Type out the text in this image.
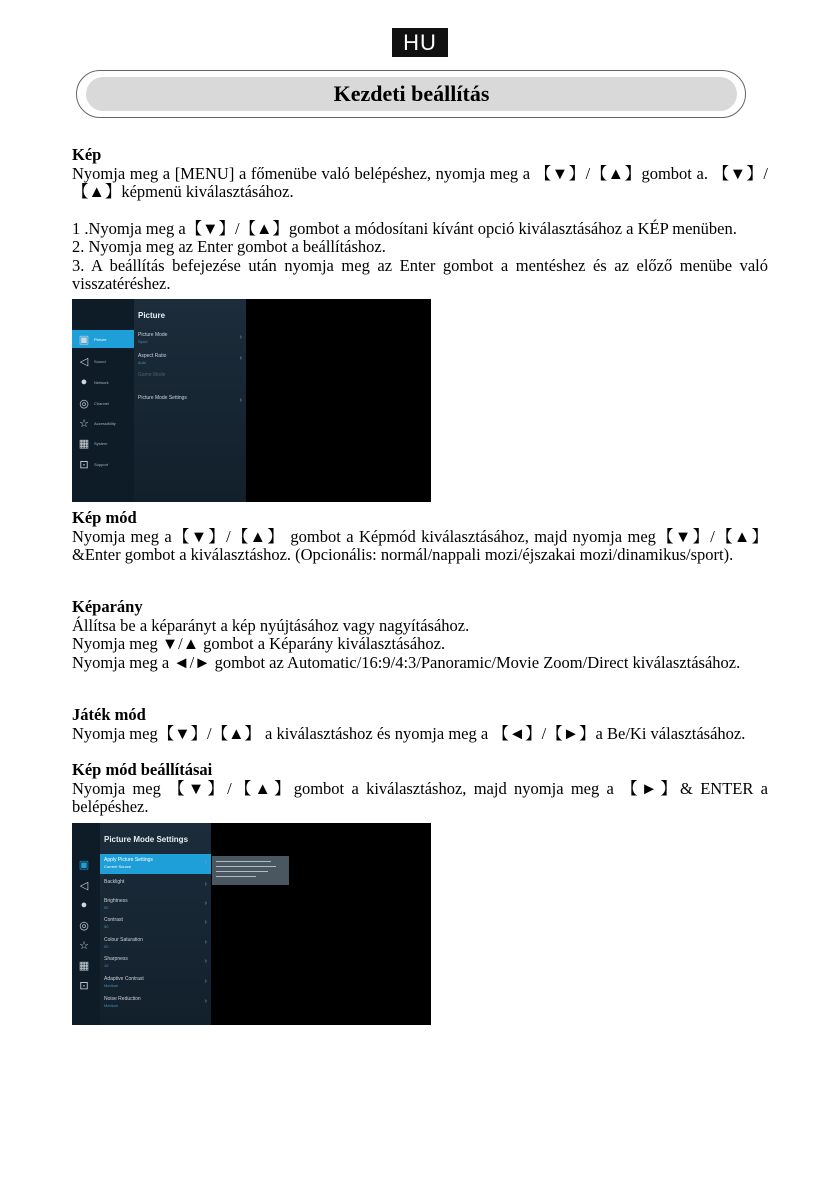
HU
Kezdeti beállítás

Kép

Nyomja meg a [MENU] a főmenübe való belépéshez, nyomja meg a 【▼】/【▲】gombot a. 【▼】/【▲】képmenü kiválasztásához.

1 .Nyomja meg a【▼】/【▲】gombot a módosítani kívánt opció kiválasztásához a KÉP menüben.

2. Nyomja meg az Enter gombot a beállításhoz.

3. A beállítás befejezése után nyomja meg az Enter gombot a mentéshez és az előző menübe való visszatéréshez.

▣	Picture
◁	Sound
●	Network
◎	Channel
☆	Accessibility
▦	System
⊡	Support
Picture
Picture Mode
Sport
›
Aspect Ratio
Auto
›
Game Mode
Picture Mode Settings	›

Kép mód

Nyomja meg a【▼】/【▲】 gombot a Képmód kiválasztásához, majd nyomja meg【▼】/【▲】 &Enter gombot a kiválasztáshoz. (Opcionális: normál/nappali mozi/éjszakai mozi/dinamikus/sport).

Képarány

Állítsa be a képarányt a kép nyújtásához vagy nagyításához.

Nyomja meg ▼/▲ gombot a Képarány kiválasztásához.

Nyomja meg a ◄/► gombot az Automatic/16:9/4:3/Panoramic/Movie Zoom/Direct kiválasztásához.

Játék mód

Nyomja meg【▼】/【▲】 a kiválasztáshoz és nyomja meg a 【◄】/【►】a Be/Ki választásához.

Kép mód beállításai

Nyomja meg 【▼】/【▲】gombot a kiválasztáshoz, majd nyomja meg a 【►】& ENTER a belépéshez.

▣
◁
●
◎
☆
▦
⊡
Picture Mode Settings
Apply Picture Settings
Current Source
›
Backlight	›
Brightness
50
›
Contrast
50
›
Colour Saturation
50
›
Sharpness
10
›
Adaptive Contrast
Medium
›
Noise Reduction
Medium
›
